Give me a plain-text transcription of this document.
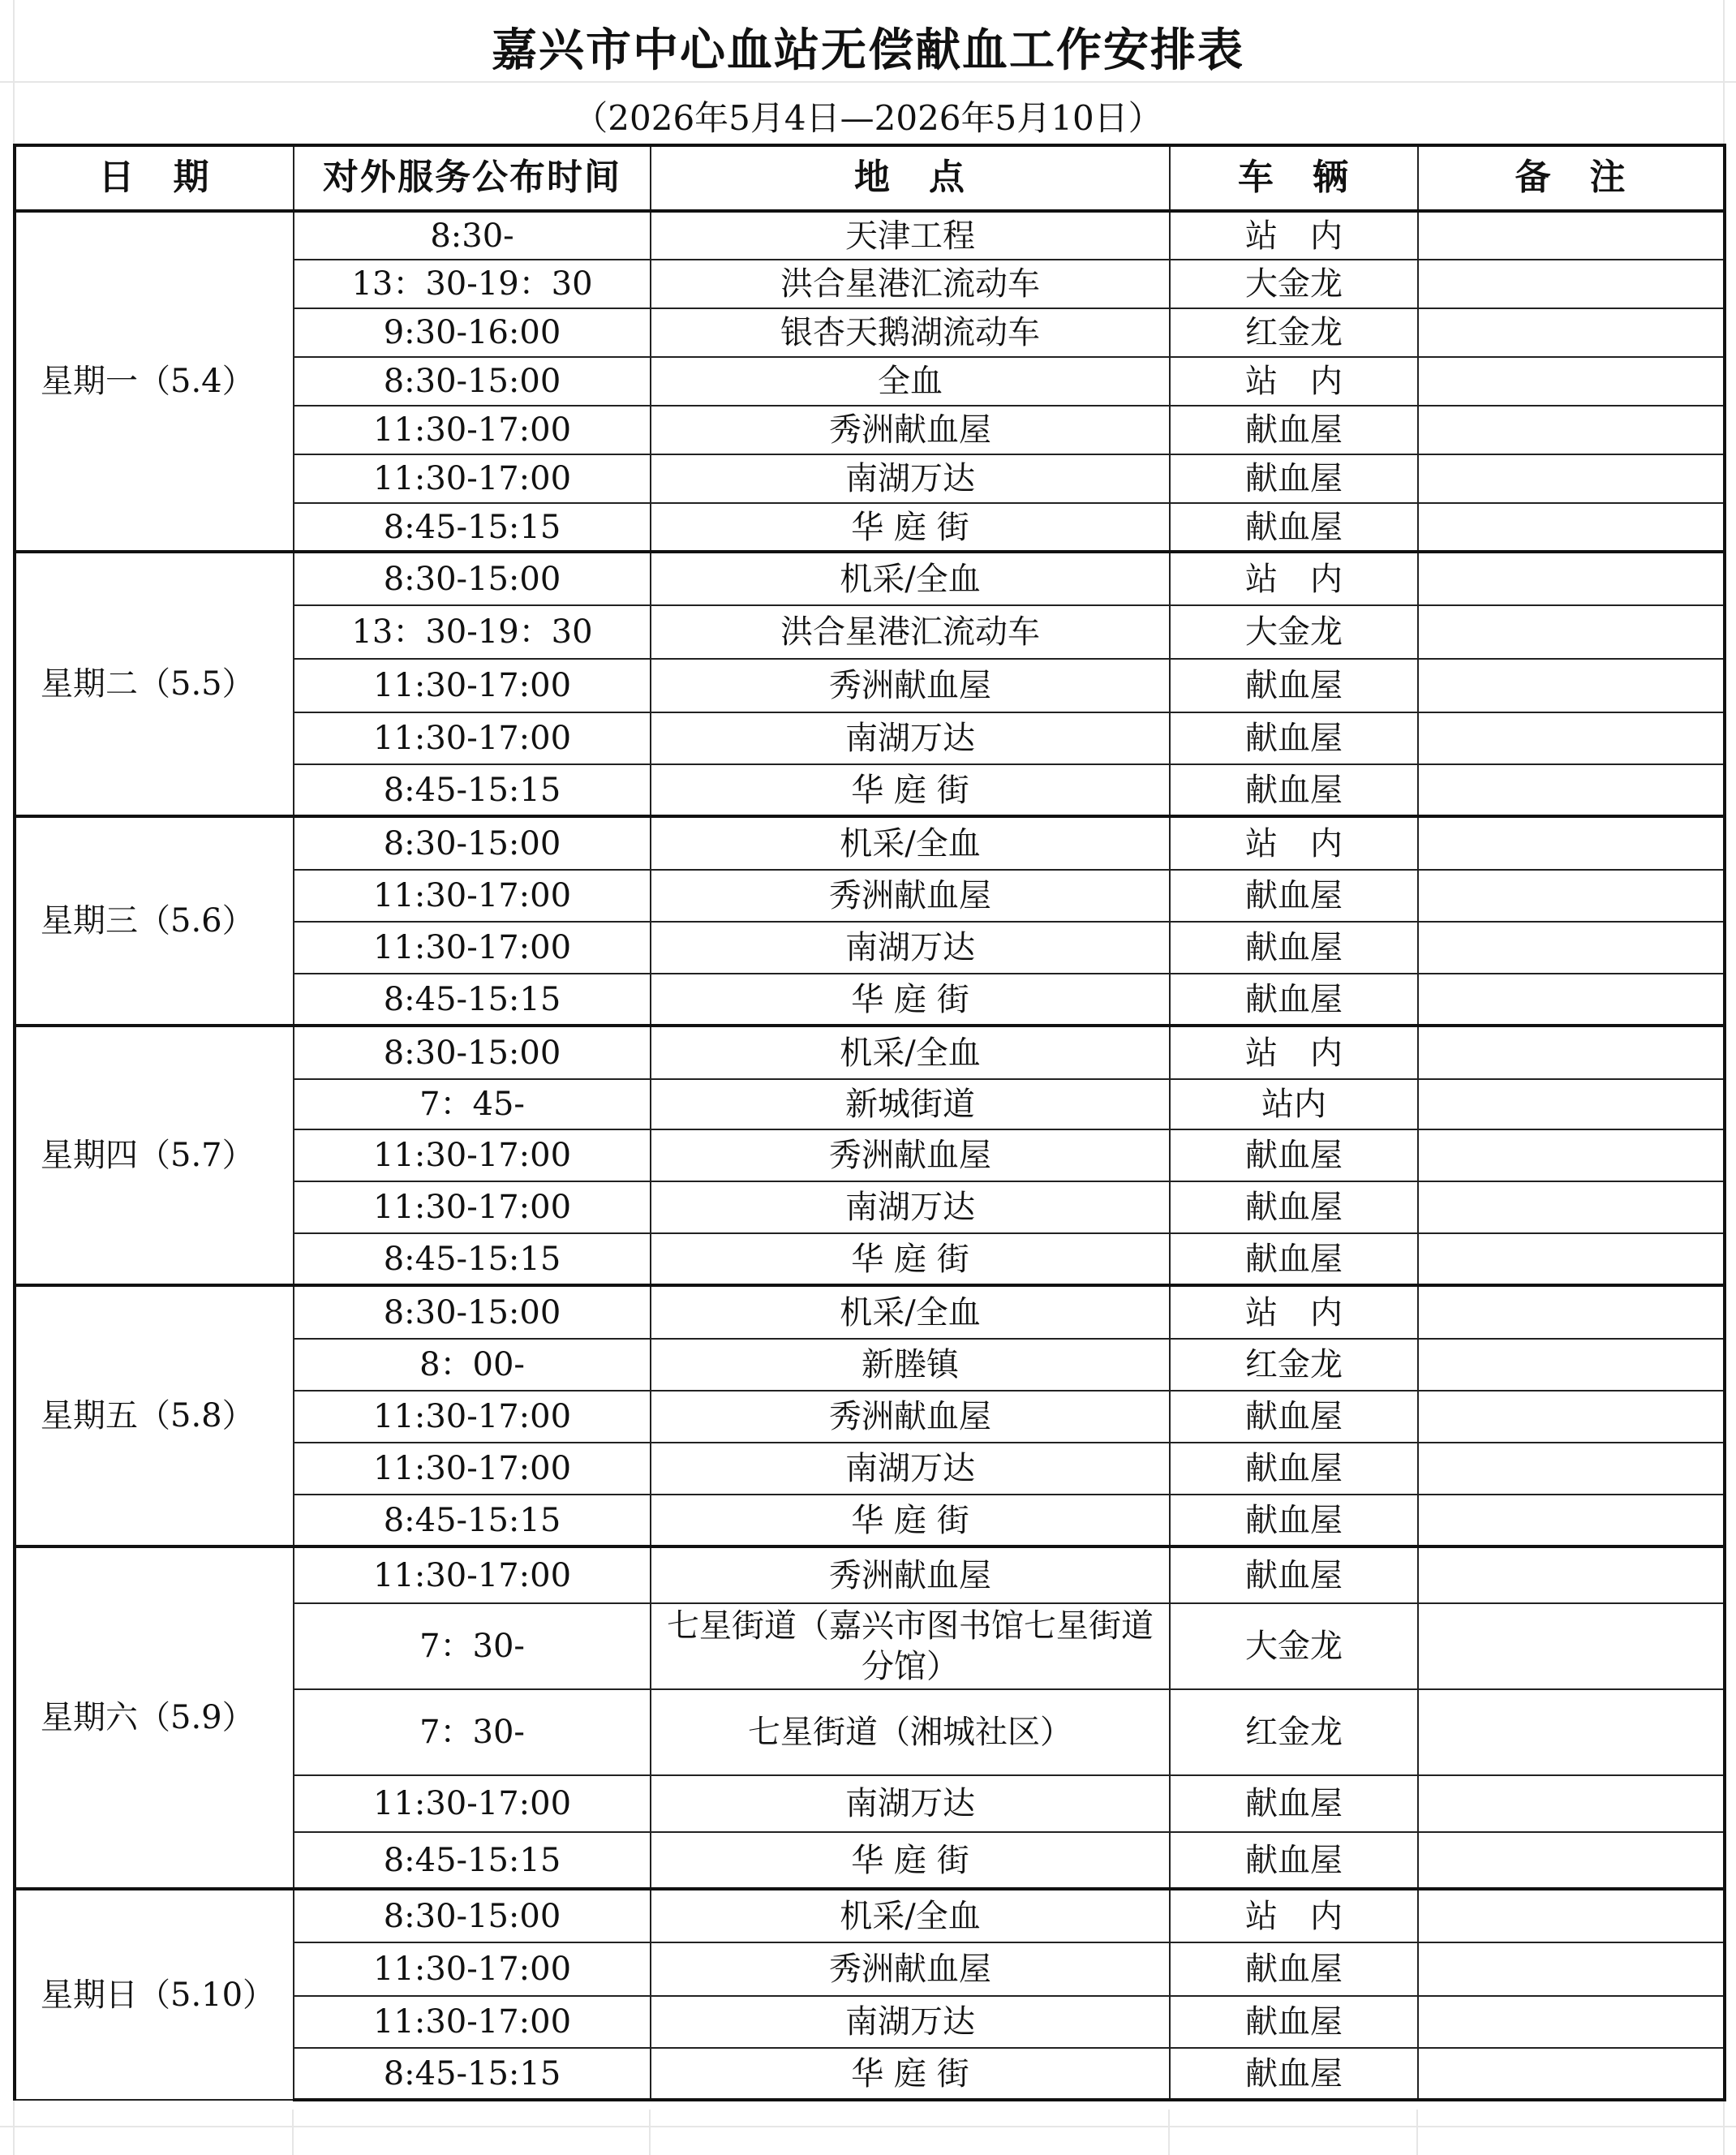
嘉兴市中心血站无偿献血工作安排表
（2026年5月4日—2026年5月10日）
日　期	对外服务公布时间	地　点	车　辆	备　注
星期一（5.4）	8:30-	天津工程	站　内	
	13：30-19：30	洪合星港汇流动车	大金龙	
	9:30-16:00	银杏天鹅湖流动车	红金龙	
	8:30-15:00	全血	站　内	
	11:30-17:00	秀洲献血屋	献血屋	
	11:30-17:00	南湖万达	献血屋	
	8:45-15:15	华 庭 街	献血屋	
星期二（5.5）	8:30-15:00	机采/全血	站　内	
	13：30-19：30	洪合星港汇流动车	大金龙	
	11:30-17:00	秀洲献血屋	献血屋	
	11:30-17:00	南湖万达	献血屋	
	8:45-15:15	华 庭 街	献血屋	
星期三（5.6）	8:30-15:00	机采/全血	站　内	
	11:30-17:00	秀洲献血屋	献血屋	
	11:30-17:00	南湖万达	献血屋	
	8:45-15:15	华 庭 街	献血屋	
星期四（5.7）	8:30-15:00	机采/全血	站　内	
	7：45-	新城街道	站内	
	11:30-17:00	秀洲献血屋	献血屋	
	11:30-17:00	南湖万达	献血屋	
	8:45-15:15	华 庭 街	献血屋	
星期五（5.8）	8:30-15:00	机采/全血	站　内	
	8：00-	新塍镇	红金龙	
	11:30-17:00	秀洲献血屋	献血屋	
	11:30-17:00	南湖万达	献血屋	
	8:45-15:15	华 庭 街	献血屋	
星期六（5.9）	11:30-17:00	秀洲献血屋	献血屋	
	7：30-	七星街道（嘉兴市图书馆七星街道分馆）	大金龙	
	7：30-	七星街道（湘城社区）	红金龙	
	11:30-17:00	南湖万达	献血屋	
	8:45-15:15	华 庭 街	献血屋	
星期日（5.10）	8:30-15:00	机采/全血	站　内	
	11:30-17:00	秀洲献血屋	献血屋	
	11:30-17:00	南湖万达	献血屋	
	8:45-15:15	华 庭 街	献血屋	
